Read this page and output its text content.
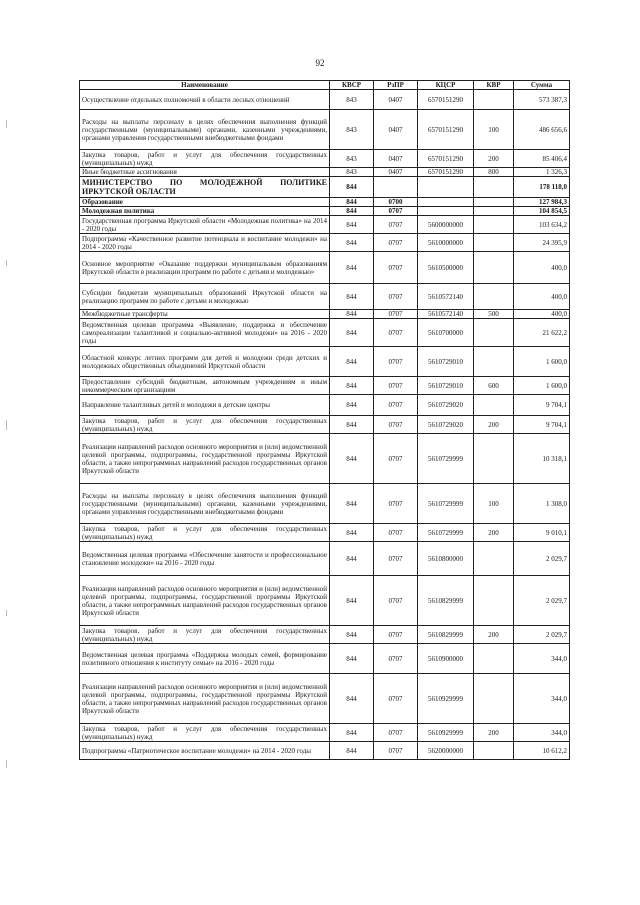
92
Наименование	КВСР	РзПР	КЦСР	КВР	Сумма
Осуществление отдельных полномочий в области лесных отношений	843	0407	6570151290		573 387,3
Расходы на выплаты персоналу в целях обеспечения выполнения функций государственными (муниципальными) органами, казенными учреждениями, органами управления государственными внебюджетными фондами	843	0407	6570151290	100	486 656,6
Закупка товаров, работ и услуг для обеспечения государственных (муниципальных) нужд	843	0407	6570151290	200	85 406,4
Иные бюджетные ассигнования	843	0407	6570151290	800	1 326,3
МИНИСТЕРСТВО ПО МОЛОДЕЖНОЙ ПОЛИТИКЕ ИРКУТСКОЙ ОБЛАСТИ	844				178 118,0
Образование	844	0700			127 984,3
Молодежная политика	844	0707			104 854,5
Государственная программа Иркутской области «Молодежная политика» на 2014 - 2020 годы	844	0707	5600000000		103 634,2
Подпрограмма «Качественное развитие потенциала и воспитание молодежи» на 2014 - 2020 годы	844	0707	5610000000		24 395,9
Основное мероприятие «Оказание поддержки муниципальным образованиям Иркутской области в реализации программ по работе с детьми и молодежью»	844	0707	5610500000		400,0
Субсидии бюджетам муниципальных образований Иркутской области на реализацию программ по работе с детьми и молодежью	844	0707	5610572140		400,0
Межбюджетные трансферты	844	0707	5610572140	500	400,0
Ведомственная целевая программа «Выявление, поддержка и обеспечение самореализации талантливой и социально-активной молодежи» на 2016 - 2020 годы	844	0707	5610700000		21 622,2
Областной конкурс летних программ для детей и молодежи среди детских и молодежных общественных объединений Иркутской области	844	0707	5610729010		1 600,0
Предоставление субсидий бюджетным, автономным учреждениям и иным некоммерческим организациям	844	0707	5610729010	600	1 600,0
Направление талантливых детей и молодежи в детские центры	844	0707	5610729020		9 704,1
Закупка товаров, работ и услуг для обеспечения государственных (муниципальных) нужд	844	0707	5610729020	200	9 704,1
Реализация направлений расходов основного мероприятия и (или) ведомственной целевой программы, подпрограммы, государственной программы Иркутской области, а также непрограммных направлений расходов государственных органов Иркутской области	844	0707	5610729999		10 318,1
Расходы на выплаты персоналу в целях обеспечения выполнения функций государственными (муниципальными) органами, казенными учреждениями, органами управления государственными внебюджетными фондами	844	0707	5610729999	100	1 308,0
Закупка товаров, работ и услуг для обеспечения государственных (муниципальных) нужд	844	0707	5610729999	200	9 010,1
Ведомственная целевая программа «Обеспечение занятости и профессиональное становление молодежи» на 2016 - 2020 годы	844	0707	5610800000		2 029,7
Реализация направлений расходов основного мероприятия и (или) ведомственной целевой программы, подпрограммы, государственной программы Иркутской области, а также непрограммных направлений расходов государственных органов Иркутской области	844	0707	5610829999		2 029,7
Закупка товаров, работ и услуг для обеспечения государственных (муниципальных) нужд	844	0707	5610829999	200	2 029,7
Ведомственная целевая программа «Поддержка молодых семей, формирование позитивного отношения к институту семьи» на 2016 - 2020 годы	844	0707	5610900000		344,0
Реализация направлений расходов основного мероприятия и (или) ведомственной целевой программы, подпрограммы, государственной программы Иркутской области, а также непрограммных направлений расходов государственных органов Иркутской области	844	0707	5610929999		344,0
Закупка товаров, работ и услуг для обеспечения государственных (муниципальных) нужд	844	0707	5610929999	200	344,0
Подпрограмма «Патриотическое воспитание молодежи» на 2014 - 2020 годы	844	0707	5620000000		10 612,2
